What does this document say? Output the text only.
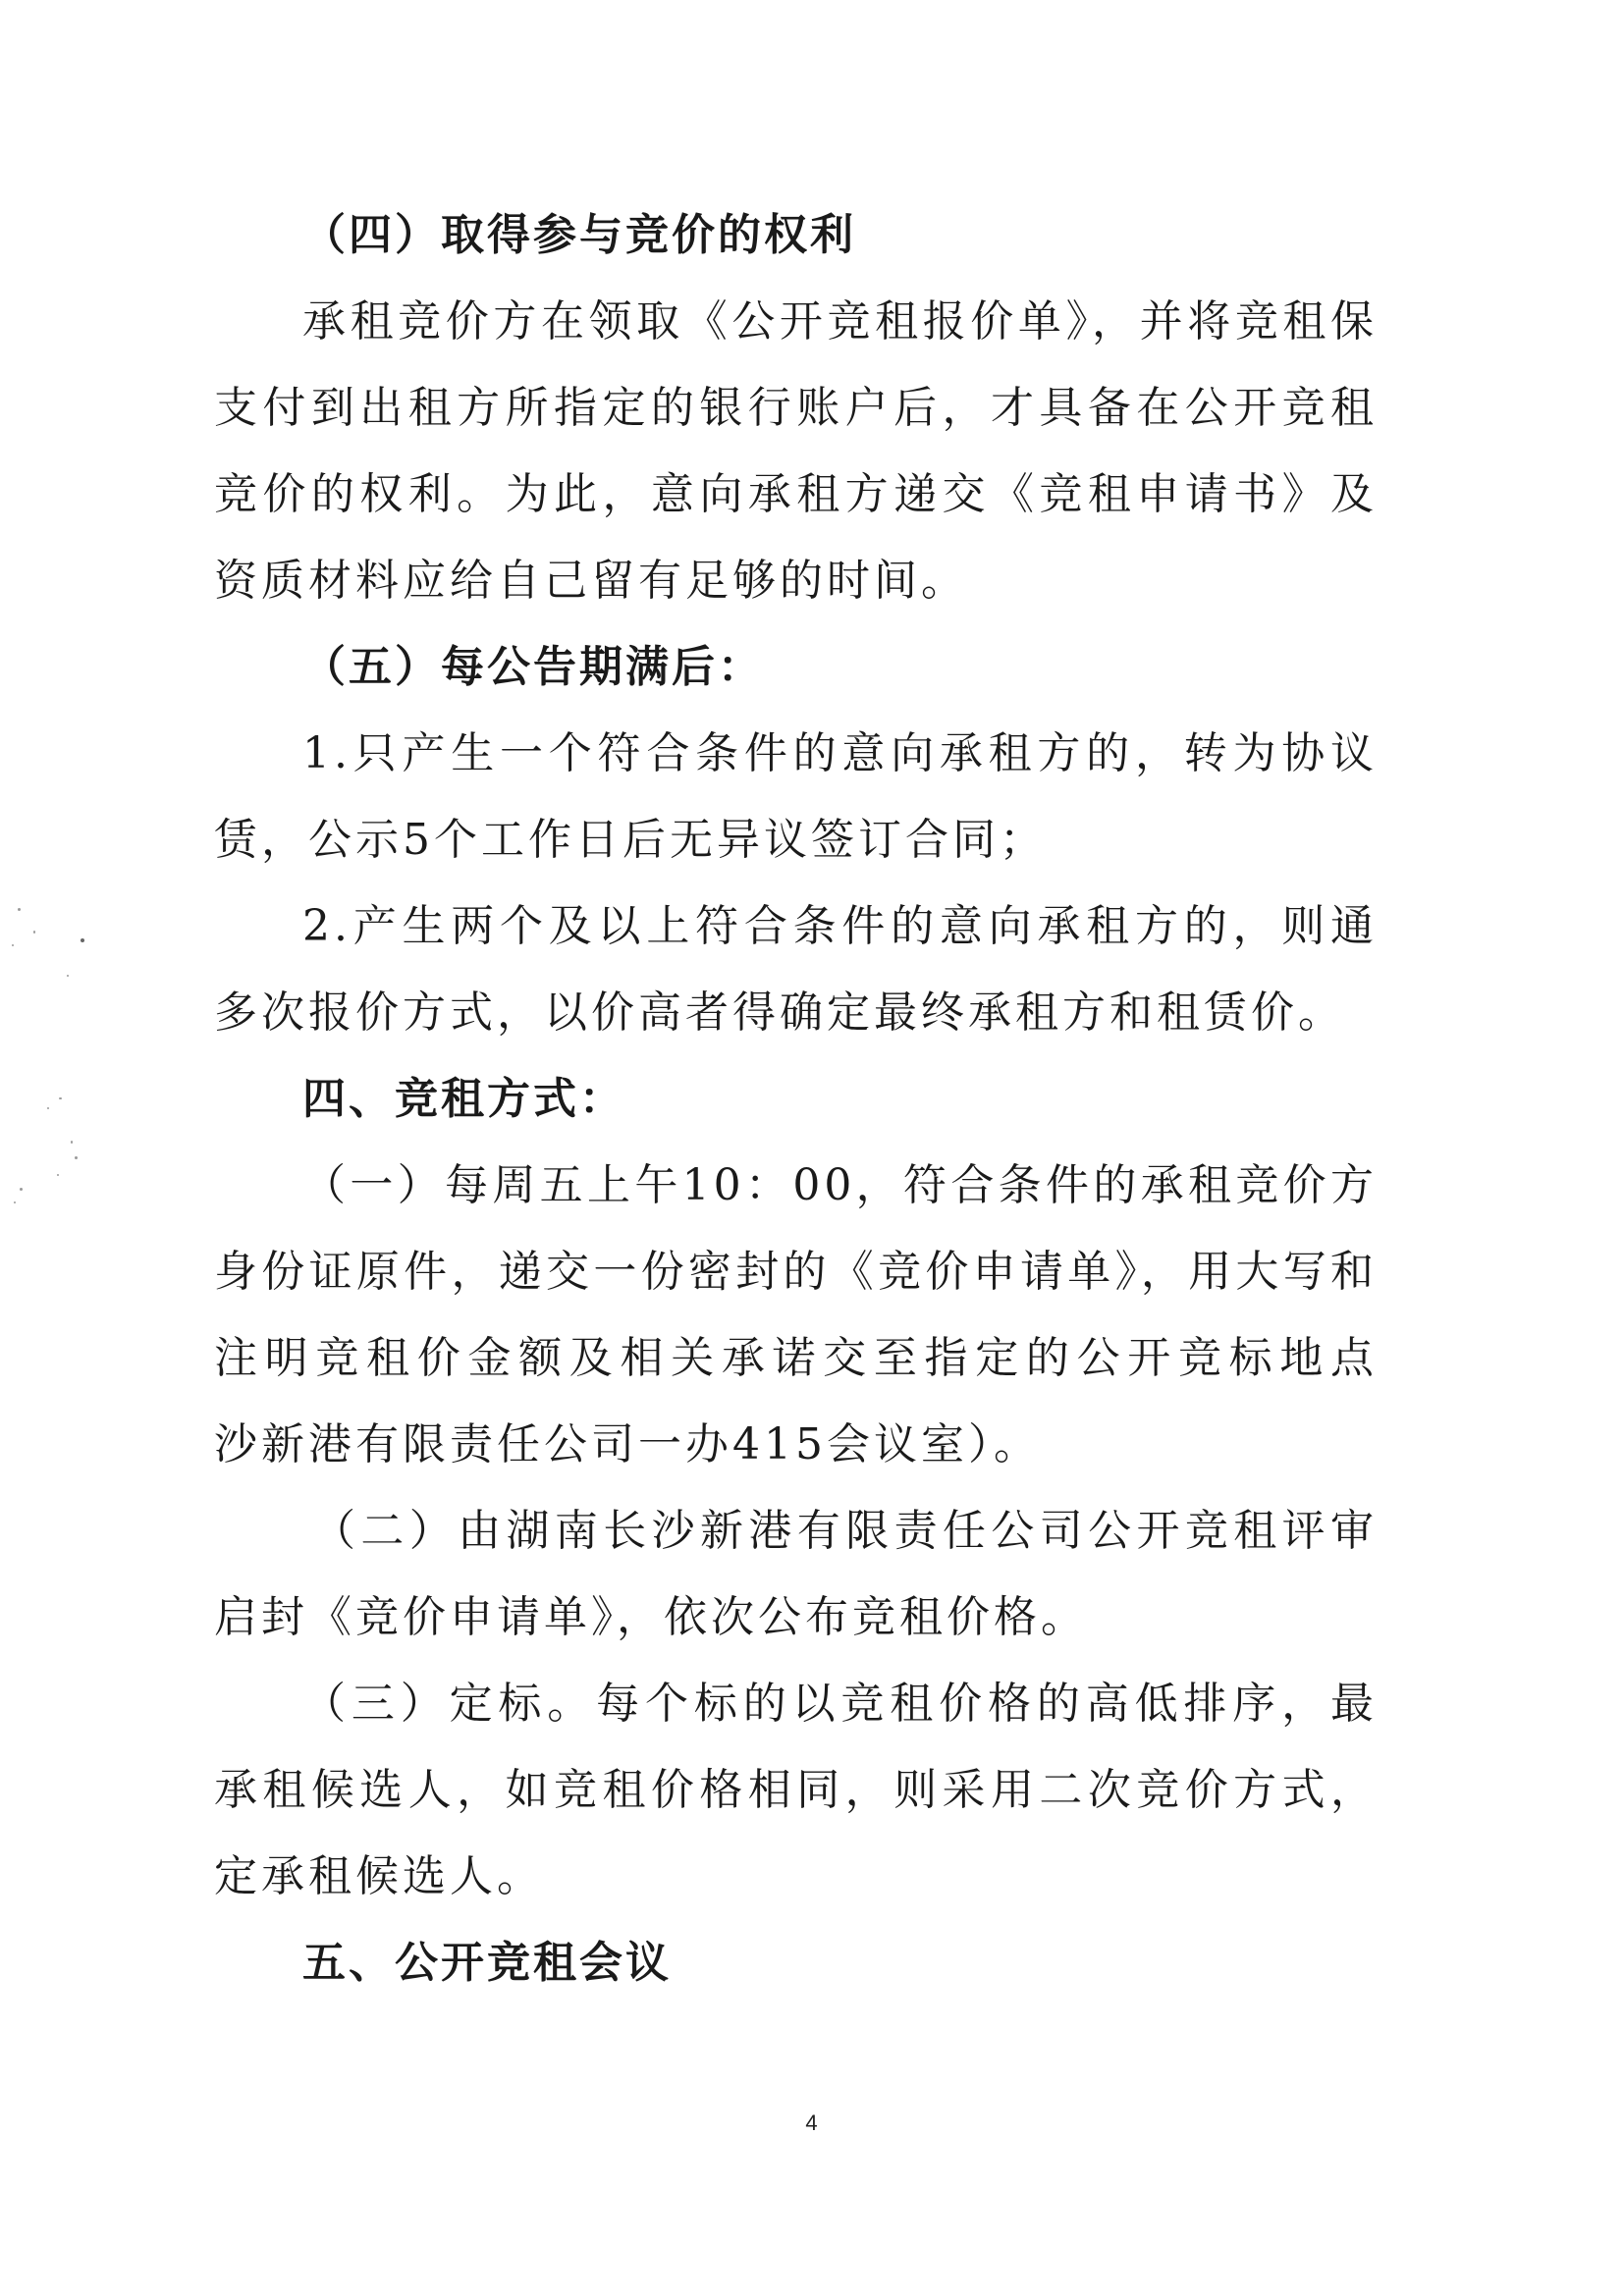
（四）取得参与竞价的权利
承租竞价方在领取《公开竞租报价单》，并将竞租保
支付到出租方所指定的银行账户后，才具备在公开竞租
竞价的权利。为此，意向承租方递交《竞租申请书》及
资质材料应给自己留有足够的时间。
（五）每公告期满后：
1.只产生一个符合条件的意向承租方的，转为协议
赁，公示5个工作日后无异议签订合同；
2.产生两个及以上符合条件的意向承租方的，则通
多次报价方式，以价高者得确定最终承租方和租赁价。
四、竞租方式：
（一）每周五上午10：00，符合条件的承租竞价方
身份证原件，递交一份密封的《竞价申请单》，用大写和
注明竞租价金额及相关承诺交至指定的公开竞标地点
沙新港有限责任公司一办415会议室）。
（二）由湖南长沙新港有限责任公司公开竞租评审
启封《竞价申请单》，依次公布竞租价格。
（三）定标。每个标的以竞租价格的高低排序，最
承租候选人，如竞租价格相同，则采用二次竞价方式，
定承租候选人。
五、公开竞租会议
4
